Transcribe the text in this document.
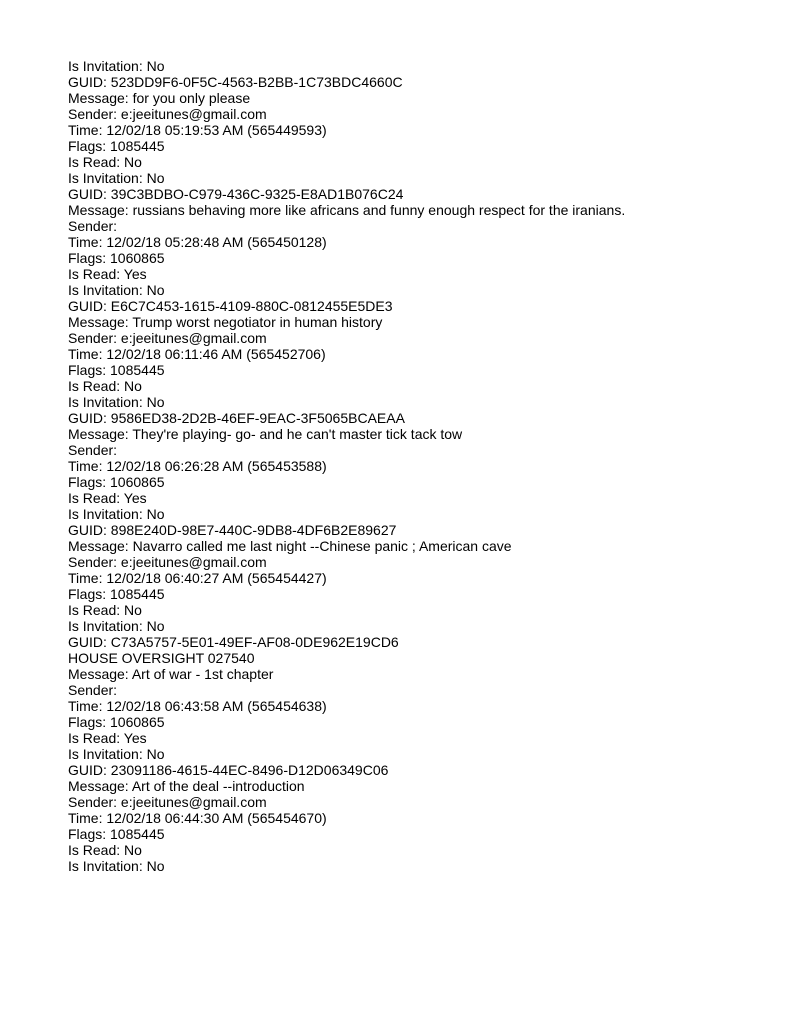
Is Invitation: No
GUID: 523DD9F6-0F5C-4563-B2BB-1C73BDC4660C
Message: for you only please
Sender: e:jeeitunes@gmail.com
Time: 12/02/18 05:19:53 AM (565449593)
Flags: 1085445
Is Read: No
Is Invitation: No
GUID: 39C3BDBO-C979-436C-9325-E8AD1B076C24
Message: russians behaving more like africans and funny enough respect for the iranians.
Sender:
Time: 12/02/18 05:28:48 AM (565450128)
Flags: 1060865
Is Read: Yes
Is Invitation: No
GUID: E6C7C453-1615-4109-880C-0812455E5DE3
Message: Trump worst negotiator in human history
Sender: e:jeeitunes@gmail.com
Time: 12/02/18 06:11:46 AM (565452706)
Flags: 1085445
Is Read: No
Is Invitation: No
GUID: 9586ED38-2D2B-46EF-9EAC-3F5065BCAEAA
Message: They're playing- go- and he can't master tick tack tow
Sender:
Time: 12/02/18 06:26:28 AM (565453588)
Flags: 1060865
Is Read: Yes
Is Invitation: No
GUID: 898E240D-98E7-440C-9DB8-4DF6B2E89627
Message: Navarro called me last night --Chinese panic ; American cave
Sender: e:jeeitunes@gmail.com
Time: 12/02/18 06:40:27 AM (565454427)
Flags: 1085445
Is Read: No
Is Invitation: No
GUID: C73A5757-5E01-49EF-AF08-0DE962E19CD6
HOUSE OVERSIGHT 027540
Message: Art of war - 1st chapter
Sender:
Time: 12/02/18 06:43:58 AM (565454638)
Flags: 1060865
Is Read: Yes
Is Invitation: No
GUID: 23091186-4615-44EC-8496-D12D06349C06
Message: Art of the deal --introduction
Sender: e:jeeitunes@gmail.com
Time: 12/02/18 06:44:30 AM (565454670)
Flags: 1085445
Is Read: No
Is Invitation: No
